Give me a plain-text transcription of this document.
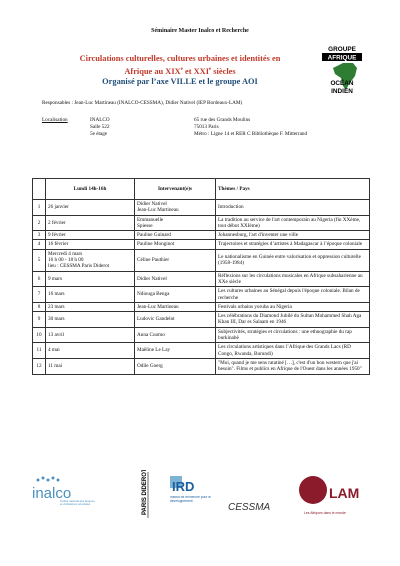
Séminaire Master Inalco et Recherche
Circulations culturelles, cultures urbaines et identités en
Afrique au XIXe et XXIe siècles
Organisé par l’axe VILLE et le groupe AOI
GROUPE
AFRIQUE
OCÉAN
INDIEN
Responsables : Jean-Luc Martineau (INALCO-CESSMA), Didier Nativel (IEP Bordeaux-LAM)
Localisation	INALCO
Salle 522
5e étage
65 rue des Grands Moulins
75013 Paris
Métro : Ligne 14 et RER C Bibliothèque F. Mitterrand
	Lundi 14h-16h	Intervenant(e)s	Thèmes / Pays
1	26 janvier	Didier Nativel
Jean-Luc Martineau	Introduction
2	2 février	Emmanuelle
Spiesse	La tradition au service de l'art contemporain au Nigeria (fin XXème, tout début XXIème)
3	9 février	Pauline Guinard	Johannesburg, l'art d'inventer une ville
4	16 février	Pauline Monginot	Trajectoires et stratégies d’artistes à Madagascar à l’époque coloniale
5	Mercredi 4 mars
16 h 00 - 18 h 00
lieu : CESSMA Paris Diderot	Céline Pauthier	Le nationalisme en Guinée entre valorisation et oppression culturelle (1958-1984)
6	9 mars	Didier Nativel	Réflexions sur les circulations musicales en Afrique subsaharienne au XXe siècle
7	16 mars	Ndiouga Benga	Les cultures urbaines au Sénégal depuis l'époque coloniale. Bilan de recherche
8	23 mars	Jean-Luc Martineau	Festivals urbains yoruba au Nigeria
9	30 mars	Ludovic Gandelot	Les célébrations du Diamond Jubilé du Sultan Mohammed Shah Aga Khan III, Dar es Salaam en 1946
10	13 avril	Anna Cuomo	Subjectivités, stratégies et circulations : une ethnographie du rap burkinabè
11	4 mai	Maëline Le Lay	Les circulations artistiques dans l’Afrique des Grands Lacs (RD Congo, Rwanda, Burundi)
12	11 mai	Odile Goerg	"Moi, quand je me sens ratatiné […], c'est d'un bon western que j'ai besoin". Films et publics en Afrique de l'Ouest dans les années 1950"
inalco
Institut national des langues et civilisations orientales	PARIS DIDEROT IRD
Institut de recherche pour le développement
CESSMA
LAM
Les Afriques dans le monde
